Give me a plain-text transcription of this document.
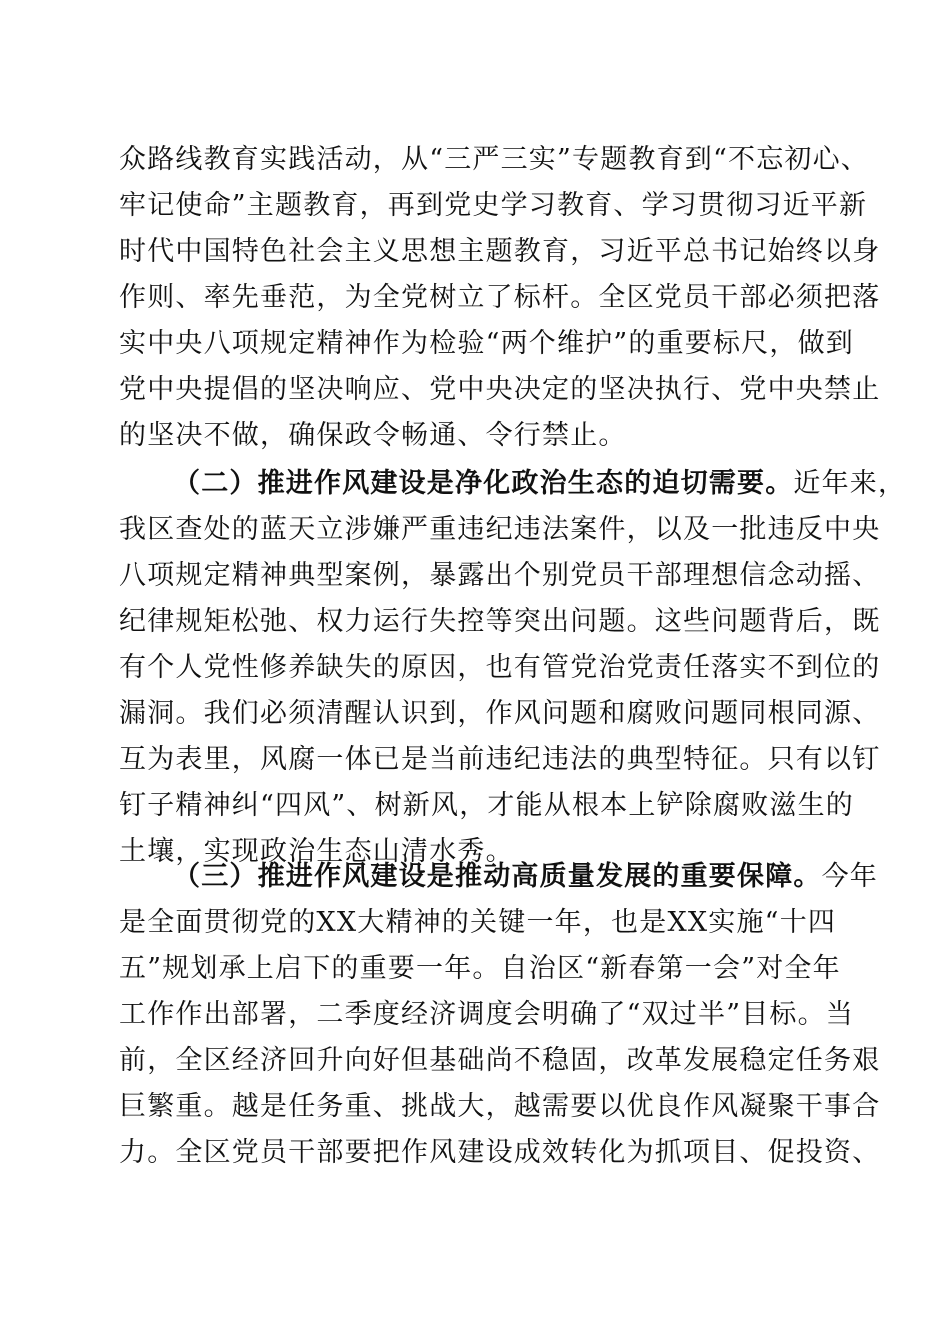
众路线教育实践活动，从“三严三实”专题教育到“不忘初心、
牢记使命”主题教育，再到党史学习教育、学习贯彻习近平新
时代中国特色社会主义思想主题教育，习近平总书记始终以身
作则、率先垂范，为全党树立了标杆。全区党员干部必须把落
实中央八项规定精神作为检验“两个维护”的重要标尺，做到
党中央提倡的坚决响应、党中央决定的坚决执行、党中央禁止
的坚决不做，确保政令畅通、令行禁止。
（二）推进作风建设是净化政治生态的迫切需要。近年来，
我区查处的蓝天立涉嫌严重违纪违法案件，以及一批违反中央
八项规定精神典型案例，暴露出个别党员干部理想信念动摇、
纪律规矩松弛、权力运行失控等突出问题。这些问题背后，既
有个人党性修养缺失的原因，也有管党治党责任落实不到位的
漏洞。我们必须清醒认识到，作风问题和腐败问题同根同源、
互为表里，风腐一体已是当前违纪违法的典型特征。只有以钉
钉子精神纠“四风”、树新风，才能从根本上铲除腐败滋生的
土壤，实现政治生态山清水秀。
（三）推进作风建设是推动高质量发展的重要保障。今年
是全面贯彻党的XX大精神的关键一年，也是XX实施“十四
五”规划承上启下的重要一年。自治区“新春第一会”对全年
工作作出部署，二季度经济调度会明确了“双过半”目标。当
前，全区经济回升向好但基础尚不稳固，改革发展稳定任务艰
巨繁重。越是任务重、挑战大，越需要以优良作风凝聚干事合
力。全区党员干部要把作风建设成效转化为抓项目、促投资、
